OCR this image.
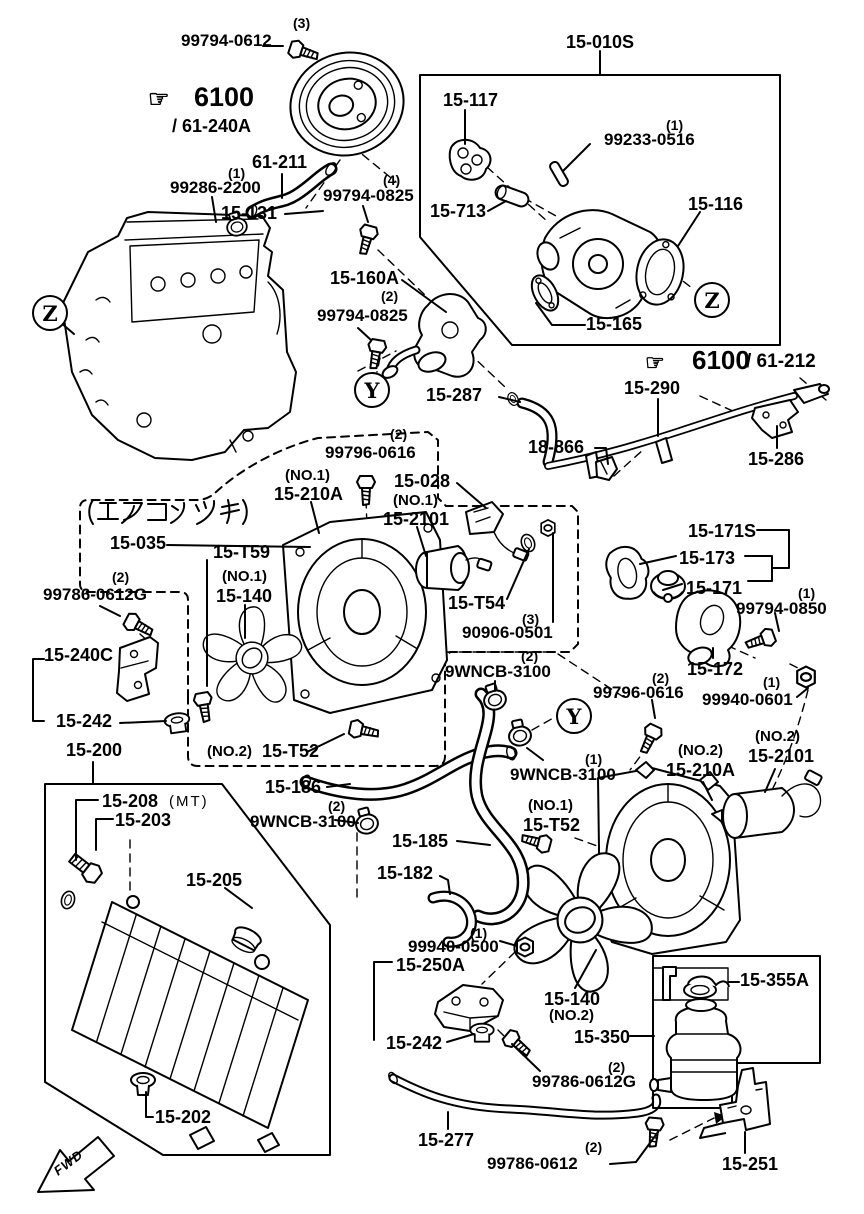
FWD
(3)
99794-0612
15-131
☞ 6100
/ 61-240A
61-211
(1)
99286-2200	(4)
99794-0825
15-010S
15-117
(1)
99233-0516
15-713	15-116
15-165
15-160A
(2)
99794-0825
15-287
☞ 6100
/ 61-212
15-290
18-866
15-286
(2)
99796-0616
(NO.1)
15-210A
15-028
(NO.1)
15-2101
15-035	15-T59
(NO.1)
15-140	15-T54
(3)
90906-0501
15-171S
15-173
15-171	(1)
99794-0850
15-172
(1)
99940-0601
(2)
9WNCB-3100	(2)
99796-0616
(NO.2)
15-210A
(NO.2)
15-2101
(1)
9WNCB-3100
15-186
(2)
9WNCB-3100
(NO.1)
15-T52
15-185
15-182
(NO.2) 15-T52
15-208 (MT)
15-203
15-205
15-200
15-242
15-240C
(2)
99786-0612G
(1)
99940-0500
15-250A
15-140
(NO.2)
15-242	15-350
15-355A
(2)
99786-0612G
15-202
15-277	(2)
99786-0612	15-251
Z
Z
Y
Y
